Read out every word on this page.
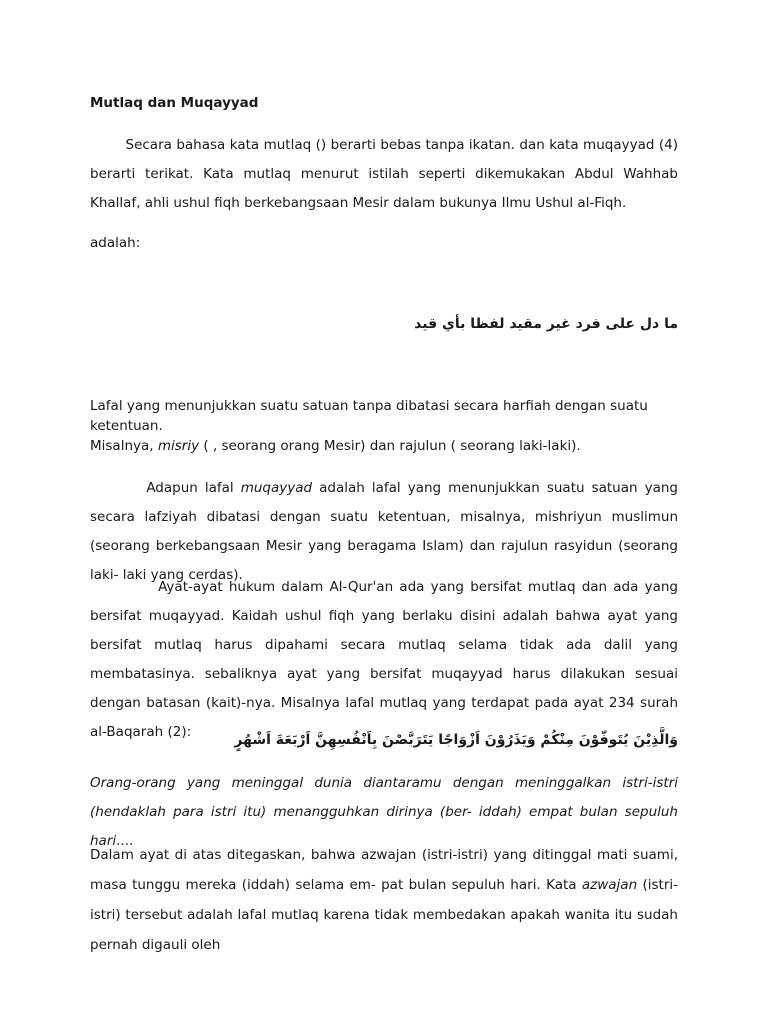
Mutlaq dan Muqayyad

Secara bahasa kata mutlaq () berarti bebas tanpa ikatan. dan kata muqayyad (4) berarti terikat. Kata mutlaq menurut istilah seperti dikemukakan Abdul Wahhab Khallaf, ahli ushul fiqh berkebangsaan Mesir dalam bukunya Ilmu Ushul al-Fiqh.

adalah:

ما دل على فرد غير مقيد لفظا بأي قيد

Lafal yang menunjukkan suatu satuan tanpa dibatasi secara harfiah dengan suatu ketentuan.

Misalnya, misriy ( , seorang orang Mesir) dan rajulun ( seorang laki-laki).

Adapun lafal muqayyad adalah lafal yang menunjukkan suatu satuan yang secara lafziyah dibatasi dengan suatu ketentuan, misalnya, mishriyun muslimun (seorang berkebangsaan Mesir yang beragama Islam) dan rajulun rasyidun (seorang laki- laki yang cerdas).

Ayat-ayat hukum dalam Al-Qur'an ada yang bersifat mutlaq dan ada yang bersifat muqayyad. Kaidah ushul fiqh yang berlaku disini adalah bahwa ayat yang bersifat mutlaq harus dipahami secara mutlaq selama tidak ada dalil yang membatasinya. sebaliknya ayat yang bersifat muqayyad harus dilakukan sesuai dengan batasan (kait)-nya. Misalnya lafal mutlaq yang terdapat pada ayat 234 surah al-Baqarah (2):	وَالَّذِيْنَ يُتَوفّوْنَ مِنْكُمْ وَيَذَرُوْنَ اَزْوَاجًا يَتَرَبَّصْنَ بِاَنْفُسِهِنَّ اَرْبَعَةَ اَشْهُرٍ

Orang-orang yang meninggal dunia diantaramu dengan meninggalkan istri-istri (hendaklah para istri itu) menangguhkan dirinya (ber- iddah) empat bulan sepuluh hari....

Dalam ayat di atas ditegaskan, bahwa azwajan (istri-istri) yang ditinggal mati suami, masa tunggu mereka (iddah) selama em- pat bulan sepuluh hari. Kata azwajan (istri-istri) tersebut adalah lafal mutlaq karena tidak membedakan apakah wanita itu sudah pernah digauli oleh
